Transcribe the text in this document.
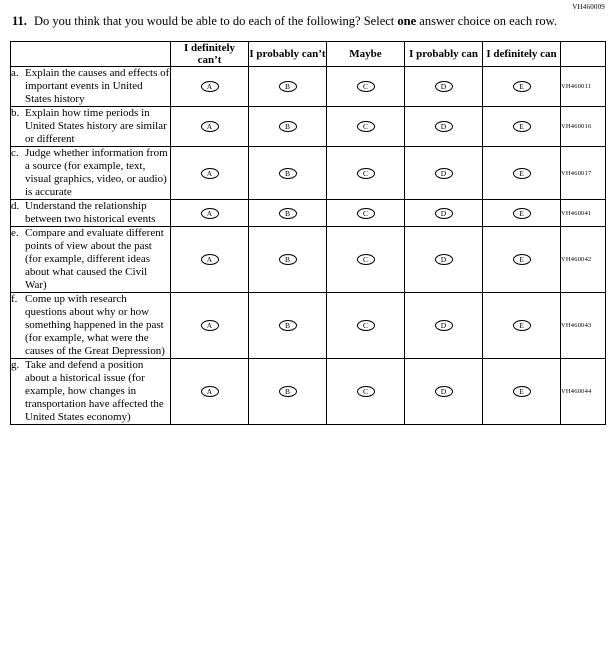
VH460009
11. Do you think that you would be able to do each of the following? Select one answer choice on each row.
	I definitely can’t	I probably can’t	Maybe	I probably can	I definitely can	

a. Explain the causes and effects of important events in United States history	A	B	C	D	E	VH460011

b. Explain how time periods in United States history are similar or different	A	B	C	D	E	VH460016

c. Judge whether information from a source (for example, text, visual graphics, video, or audio) is accurate	A	B	C	D	E	VH460017

d. Understand the relationship between two historical events	A	B	C	D	E	VH460041

e. Compare and evaluate different points of view about the past (for example, different ideas about what caused the Civil War)	A	B	C	D	E	VH460042

f. Come up with research questions about why or how something happened in the past (for example, what were the causes of the Great Depression)	A	B	C	D	E	VH460043

g. Take and defend a position about a historical issue (for example, how changes in transportation have affected the United States economy)	A	B	C	D	E	VH460044
